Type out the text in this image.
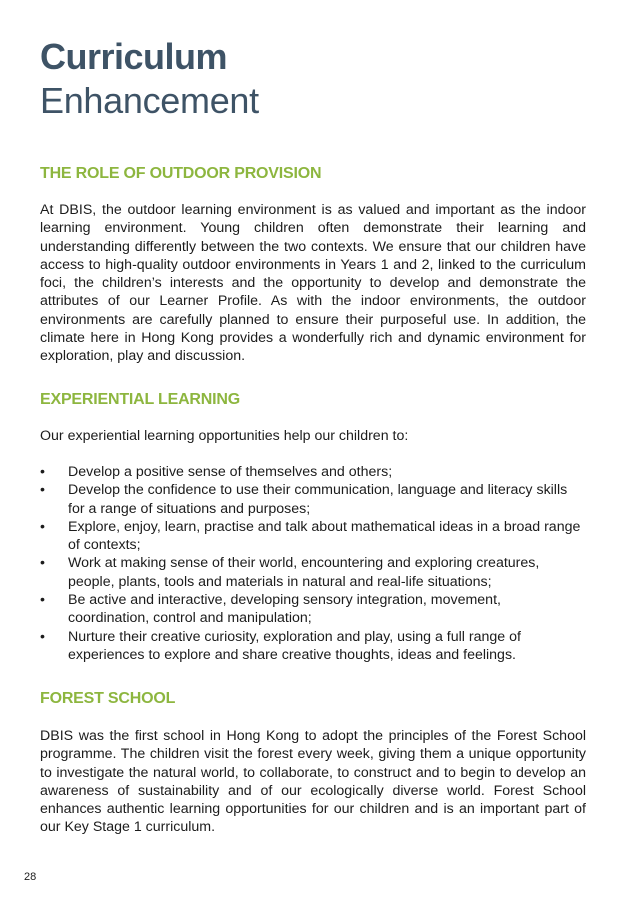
Curriculum
Enhancement
THE ROLE OF OUTDOOR PROVISION
At DBIS, the outdoor learning environment is as valued and important as the indoor learning environment. Young children often demonstrate their learning and understanding differently between the two contexts. We ensure that our children have access to high-quality outdoor environments in Years 1 and 2, linked to the curriculum foci, the children’s interests and the opportunity to develop and demonstrate the attributes of our Learner Profile. As with the indoor environments, the outdoor environments are carefully planned to ensure their purposeful use. In addition, the climate here in Hong Kong provides a wonderfully rich and dynamic environment for exploration, play and discussion.
EXPERIENTIAL LEARNING
Our experiential learning opportunities help our children to:
• Develop a positive sense of themselves and others;
• Develop the confidence to use their communication, language and literacy skills for a range of situations and purposes;
• Explore, enjoy, learn, practise and talk about mathematical ideas in a broad range of contexts;
• Work at making sense of their world, encountering and exploring creatures, people, plants, tools and materials in natural and real-life situations;
• Be active and interactive, developing sensory integration, movement, coordination, control and manipulation;
• Nurture their creative curiosity, exploration and play, using a full range of experiences to explore and share creative thoughts, ideas and feelings.
FOREST SCHOOL
DBIS was the first school in Hong Kong to adopt the principles of the Forest School programme. The children visit the forest every week, giving them a unique opportunity to investigate the natural world, to collaborate, to construct and to begin to develop an awareness of sustainability and of our ecologically diverse world. Forest School enhances authentic learning opportunities for our children and is an important part of our Key Stage 1 curriculum.
28
